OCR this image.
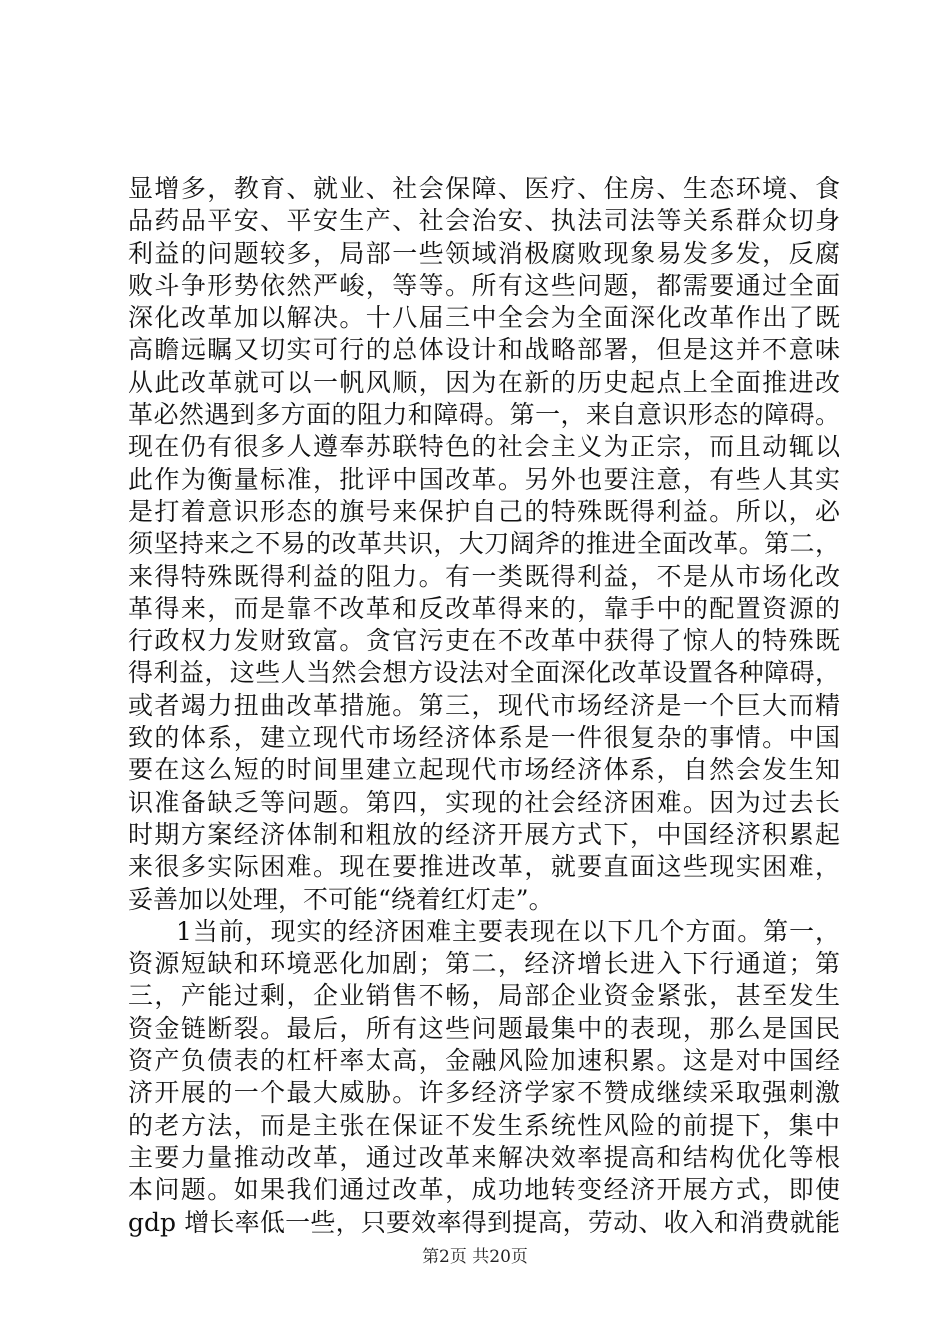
显增多，教育、就业、社会保障、医疗、住房、生态环境、食
品药品平安、平安生产、社会治安、执法司法等关系群众切身
利益的问题较多，局部一些领域消极腐败现象易发多发，反腐
败斗争形势依然严峻，等等。所有这些问题，都需要通过全面
深化改革加以解决。十八届三中全会为全面深化改革作出了既
高瞻远瞩又切实可行的总体设计和战略部署，但是这并不意味
从此改革就可以一帆风顺，因为在新的历史起点上全面推进改
革必然遇到多方面的阻力和障碍。第一，来自意识形态的障碍。
现在仍有很多人遵奉苏联特色的社会主义为正宗，而且动辄以
此作为衡量标准，批评中国改革。另外也要注意，有些人其实
是打着意识形态的旗号来保护自己的特殊既得利益。所以，必
须坚持来之不易的改革共识，大刀阔斧的推进全面改革。第二，
来得特殊既得利益的阻力。有一类既得利益，不是从市场化改
革得来，而是靠不改革和反改革得来的，靠手中的配置资源的
行政权力发财致富。贪官污吏在不改革中获得了惊人的特殊既
得利益，这些人当然会想方设法对全面深化改革设置各种障碍，
或者竭力扭曲改革措施。第三，现代市场经济是一个巨大而精
致的体系，建立现代市场经济体系是一件很复杂的事情。中国
要在这么短的时间里建立起现代市场经济体系，自然会发生知
识准备缺乏等问题。第四，实现的社会经济困难。因为过去长
时期方案经济体制和粗放的经济开展方式下，中国经济积累起
来很多实际困难。现在要推进改革，就要直面这些现实困难，
妥善加以处理，不可能“绕着红灯走”。
1当前，现实的经济困难主要表现在以下几个方面。第一，
资源短缺和环境恶化加剧；第二，经济增长进入下行通道；第
三，产能过剩，企业销售不畅，局部企业资金紧张，甚至发生
资金链断裂。最后，所有这些问题最集中的表现，那么是国民
资产负债表的杠杆率太高，金融风险加速积累。这是对中国经
济开展的一个最大威胁。许多经济学家不赞成继续采取强刺激
的老方法，而是主张在保证不发生系统性风险的前提下，集中
主要力量推动改革，通过改革来解决效率提高和结构优化等根
本问题。如果我们通过改革，成功地转变经济开展方式，即使
gdp 增长率低一些，只要效率得到提高，劳动、收入和消费就能
第2页 共20页
